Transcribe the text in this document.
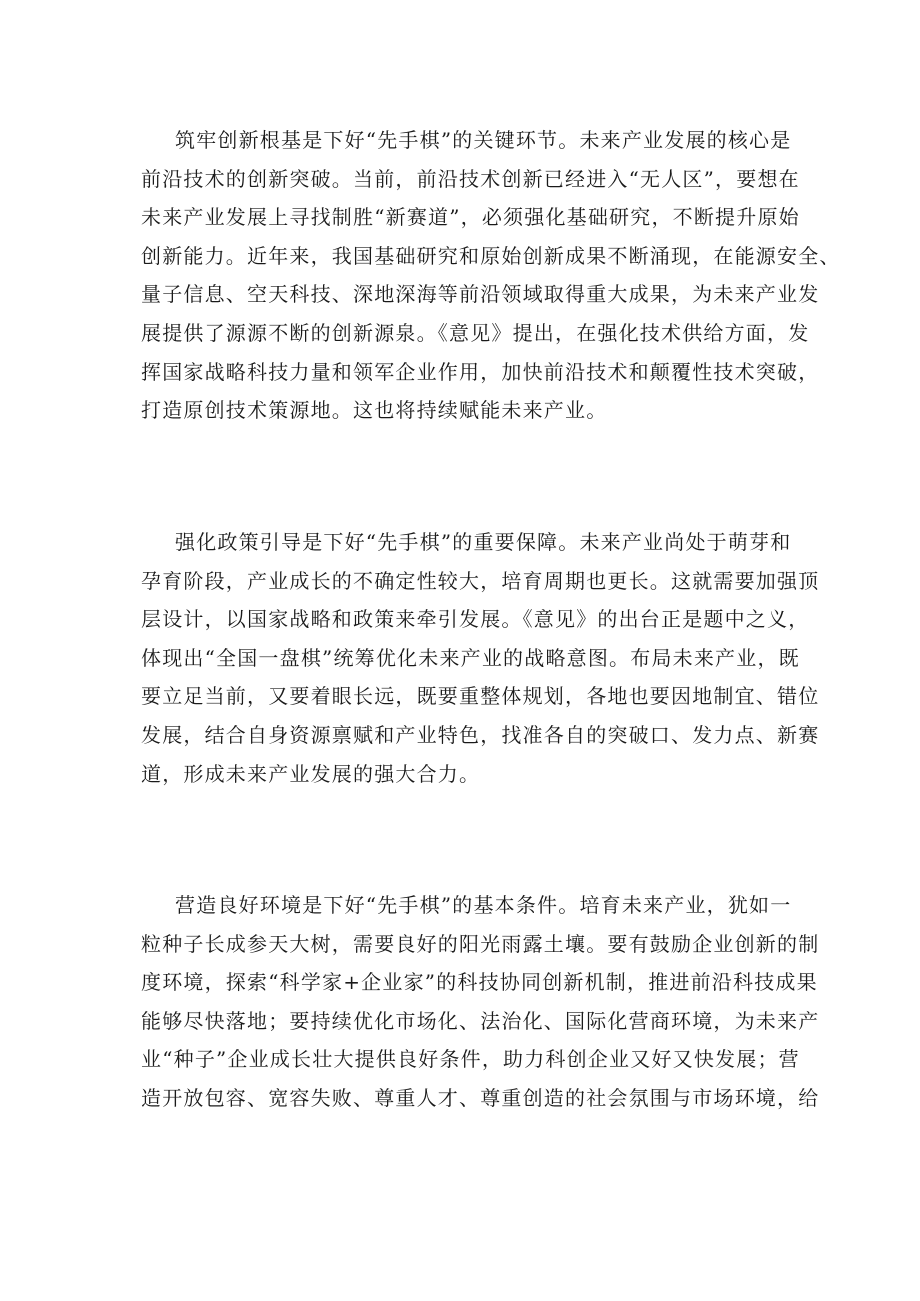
筑牢创新根基是下好“先手棋”的关键环节。未来产业发展的核心是
前沿技术的创新突破。当前，前沿技术创新已经进入“无人区”，要想在
未来产业发展上寻找制胜“新赛道”，必须强化基础研究，不断提升原始
创新能力。近年来，我国基础研究和原始创新成果不断涌现，在能源安全、
量子信息、空天科技、深地深海等前沿领域取得重大成果，为未来产业发
展提供了源源不断的创新源泉。《意见》提出，在强化技术供给方面，发
挥国家战略科技力量和领军企业作用，加快前沿技术和颠覆性技术突破，
打造原创技术策源地。这也将持续赋能未来产业。
强化政策引导是下好“先手棋”的重要保障。未来产业尚处于萌芽和
孕育阶段，产业成长的不确定性较大，培育周期也更长。这就需要加强顶
层设计，以国家战略和政策来牵引发展。《意见》的出台正是题中之义，
体现出“全国一盘棋”统筹优化未来产业的战略意图。布局未来产业，既
要立足当前，又要着眼长远，既要重整体规划，各地也要因地制宜、错位
发展，结合自身资源禀赋和产业特色，找准各自的突破口、发力点、新赛
道，形成未来产业发展的强大合力。
营造良好环境是下好“先手棋”的基本条件。培育未来产业，犹如一
粒种子长成参天大树，需要良好的阳光雨露土壤。要有鼓励企业创新的制
度环境，探索“科学家+企业家”的科技协同创新机制，推进前沿科技成果
能够尽快落地；要持续优化市场化、法治化、国际化营商环境，为未来产
业“种子”企业成长壮大提供良好条件，助力科创企业又好又快发展；营
造开放包容、宽容失败、尊重人才、尊重创造的社会氛围与市场环境，给
